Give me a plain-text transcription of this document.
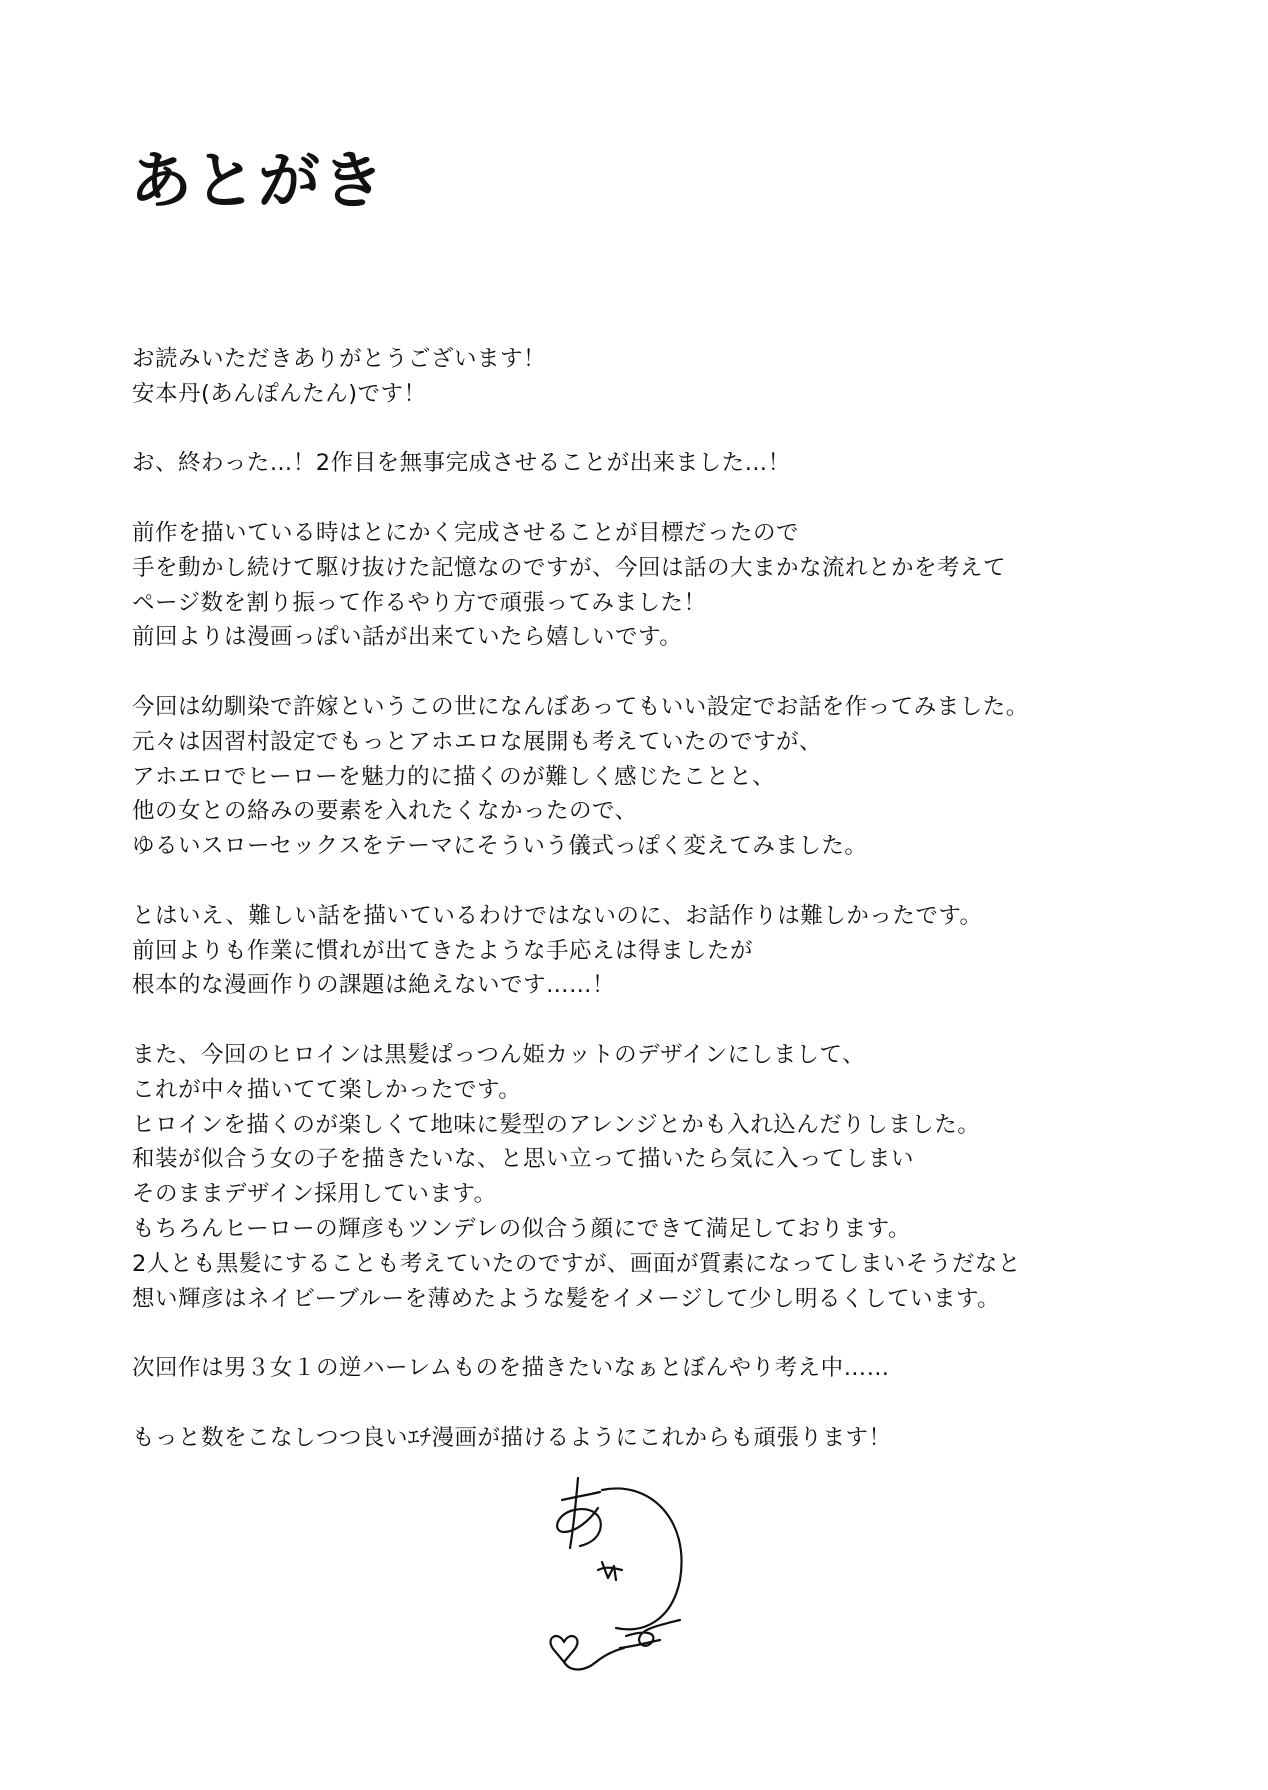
あとがき

お読みいただきありがとうございます！
安本丹(あんぽんたん)です！

お、終わった…！2作目を無事完成させることが出来ました…！

前作を描いている時はとにかく完成させることが目標だったので
手を動かし続けて駆け抜けた記憶なのですが、今回は話の大まかな流れとかを考えて
ページ数を割り振って作るやり方で頑張ってみました！
前回よりは漫画っぽい話が出来ていたら嬉しいです。

今回は幼馴染で許嫁というこの世になんぼあってもいい設定でお話を作ってみました。
元々は因習村設定でもっとアホエロな展開も考えていたのですが、
アホエロでヒーローを魅力的に描くのが難しく感じたことと、
他の女との絡みの要素を入れたくなかったので、
ゆるいスローセックスをテーマにそういう儀式っぽく変えてみました。

とはいえ、難しい話を描いているわけではないのに、お話作りは難しかったです。
前回よりも作業に慣れが出てきたような手応えは得ましたが
根本的な漫画作りの課題は絶えないです……！

また、今回のヒロインは黒髪ぱっつん姫カットのデザインにしまして、
これが中々描いてて楽しかったです。
ヒロインを描くのが楽しくて地味に髪型のアレンジとかも入れ込んだりしました。
和装が似合う女の子を描きたいな、と思い立って描いたら気に入ってしまい
そのままデザイン採用しています。
もちろんヒーローの輝彦もツンデレの似合う顔にできて満足しております。
2人とも黒髪にすることも考えていたのですが、画面が質素になってしまいそうだなと
想い輝彦はネイビーブルーを薄めたような髪をイメージして少し明るくしています。

次回作は男３女１の逆ハーレムものを描きたいなぁとぼんやり考え中……

もっと数をこなしつつ良いｴﾁ漫画が描けるようにこれからも頑張ります！
